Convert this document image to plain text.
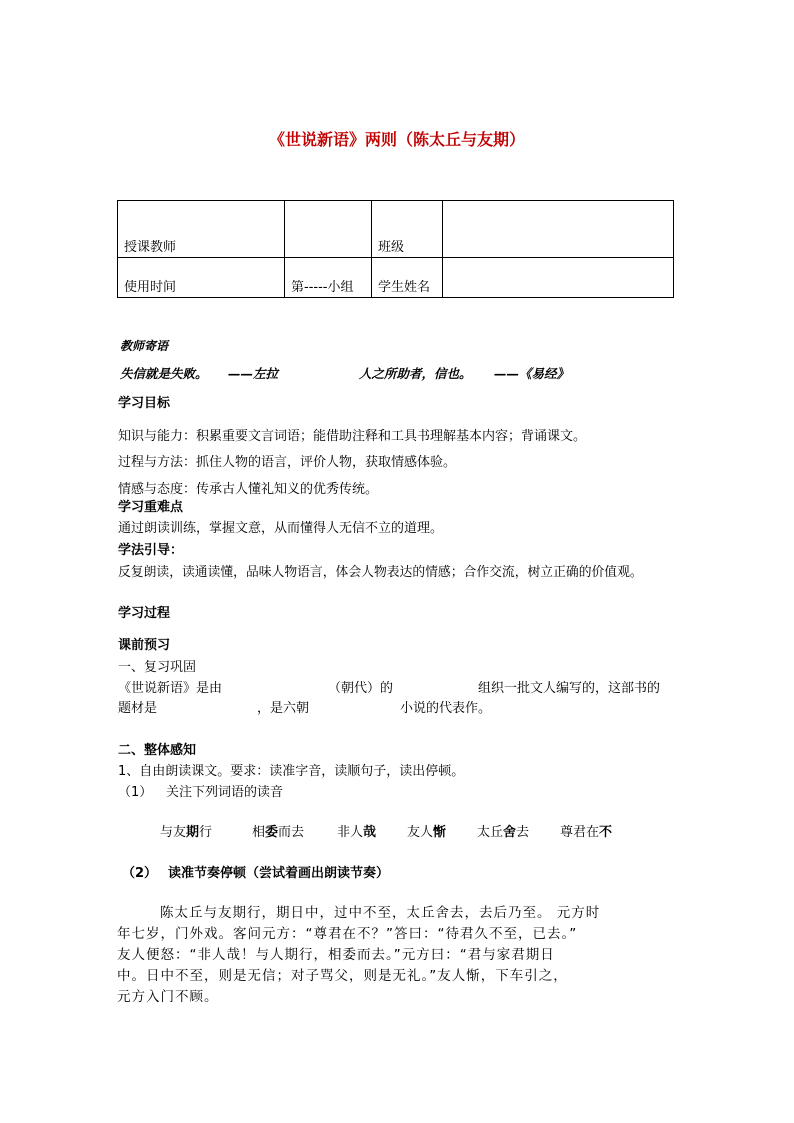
《世说新语》两则（陈太丘与友期）
授课教师		班级	
使用时间	第-----小组	学生姓名	
教师寄语
失信就是失败。 ——左拉	人之所助者，信也。 ——《易经》
学习目标
知识与能力：积累重要文言词语；能借助注释和工具书理解基本内容；背诵课文。
过程与方法：抓住人物的语言，评价人物，获取情感体验。
情感与态度：传承古人懂礼知义的优秀传统。
学习重难点
通过朗读训练，掌握文意，从而懂得人无信不立的道理。
学法引导：
反复朗读，读通读懂，品味人物语言，体会人物表达的情感；合作交流，树立正确的价值观。
学习过程
课前预习
一、复习巩固
《世说新语》是由	（朝代）的	组织一批文人编写的，这部书的
题材是	，是六朝	小说的代表作。
二、整体感知
1、自由朗读课文。要求：读准字音，读顺句子，读出停顿。
（1） 关注下列词语的读音
与友期行	相委而去	非人哉 友人惭 太丘舍去 尊君在不
（2） 读准节奏停顿（尝试着画出朗读节奏）
陈太丘与友期行，期日中，过中不至，太丘舍去，去后乃至。 元方时
年七岁，门外戏。客问元方：“尊君在不？”答曰：“待君久不至，已去。”
友人便怒：“非人哉！与人期行，相委而去。”元方曰：“君与家君期日
中。日中不至，则是无信；对子骂父，则是无礼。”友人惭，下车引之，
元方入门不顾。
